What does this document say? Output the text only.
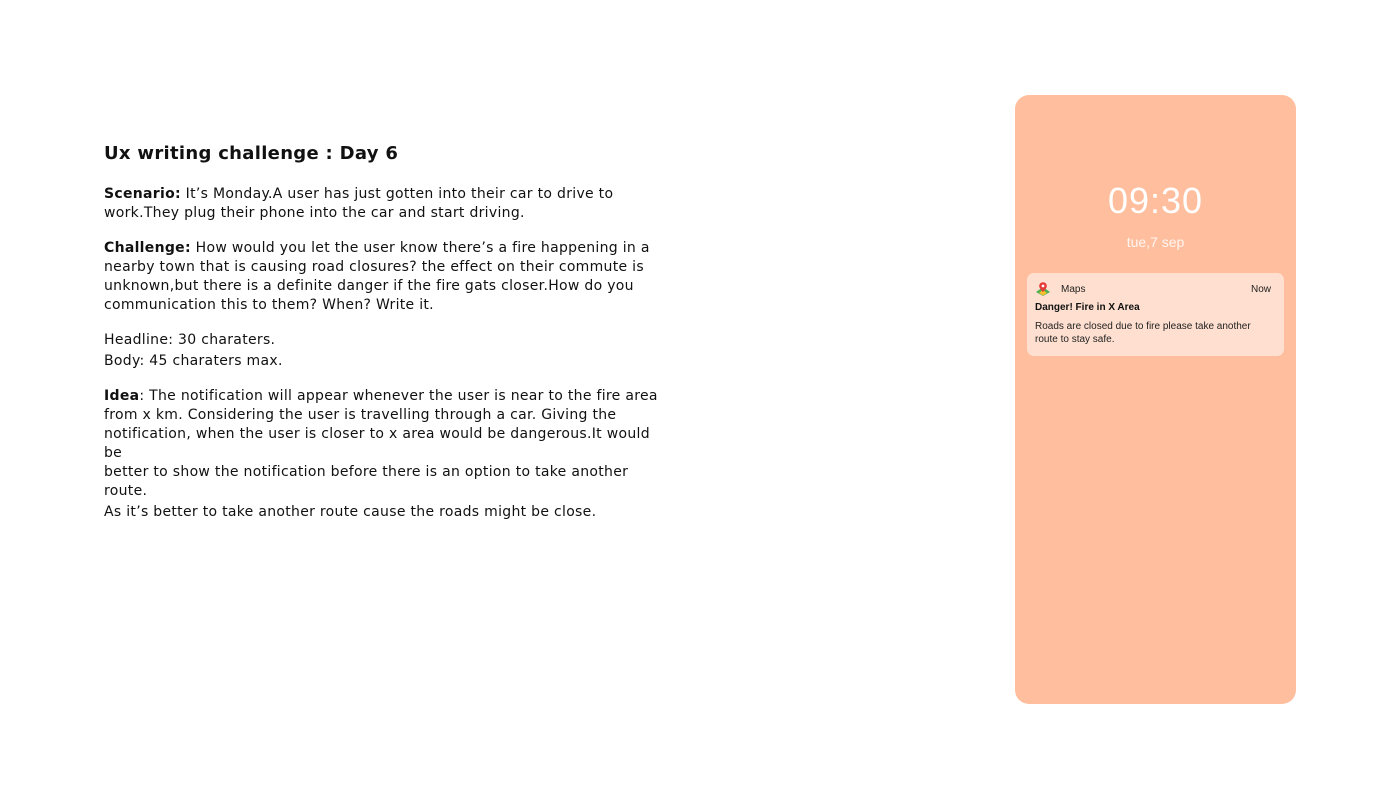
Ux writing challenge : Day 6
Scenario: It’s Monday.A user has just gotten into their car to drive to
work.They plug their phone into the car and start driving.
Challenge: How would you let the user know there’s a fire happening in a
nearby town that is causing road closures? the effect on their commute is
unknown,but there is a definite danger if the fire gats closer.How do you
communication this to them? When? Write it.
Headline: 30 charaters.
Body: 45 charaters max.
Idea: The notification will appear whenever the user is near to the fire area
from x km. Considering the user is travelling through a car. Giving the
notification, when the user is closer to x area would be dangerous.It would be
better to show the notification before there is an option to take another
route.
As it’s better to take another route cause the roads might be close.
09:30
tue,7 sep
Maps	Now
Danger! Fire in X Area
Roads are closed due to fire please take another
route to stay safe.
